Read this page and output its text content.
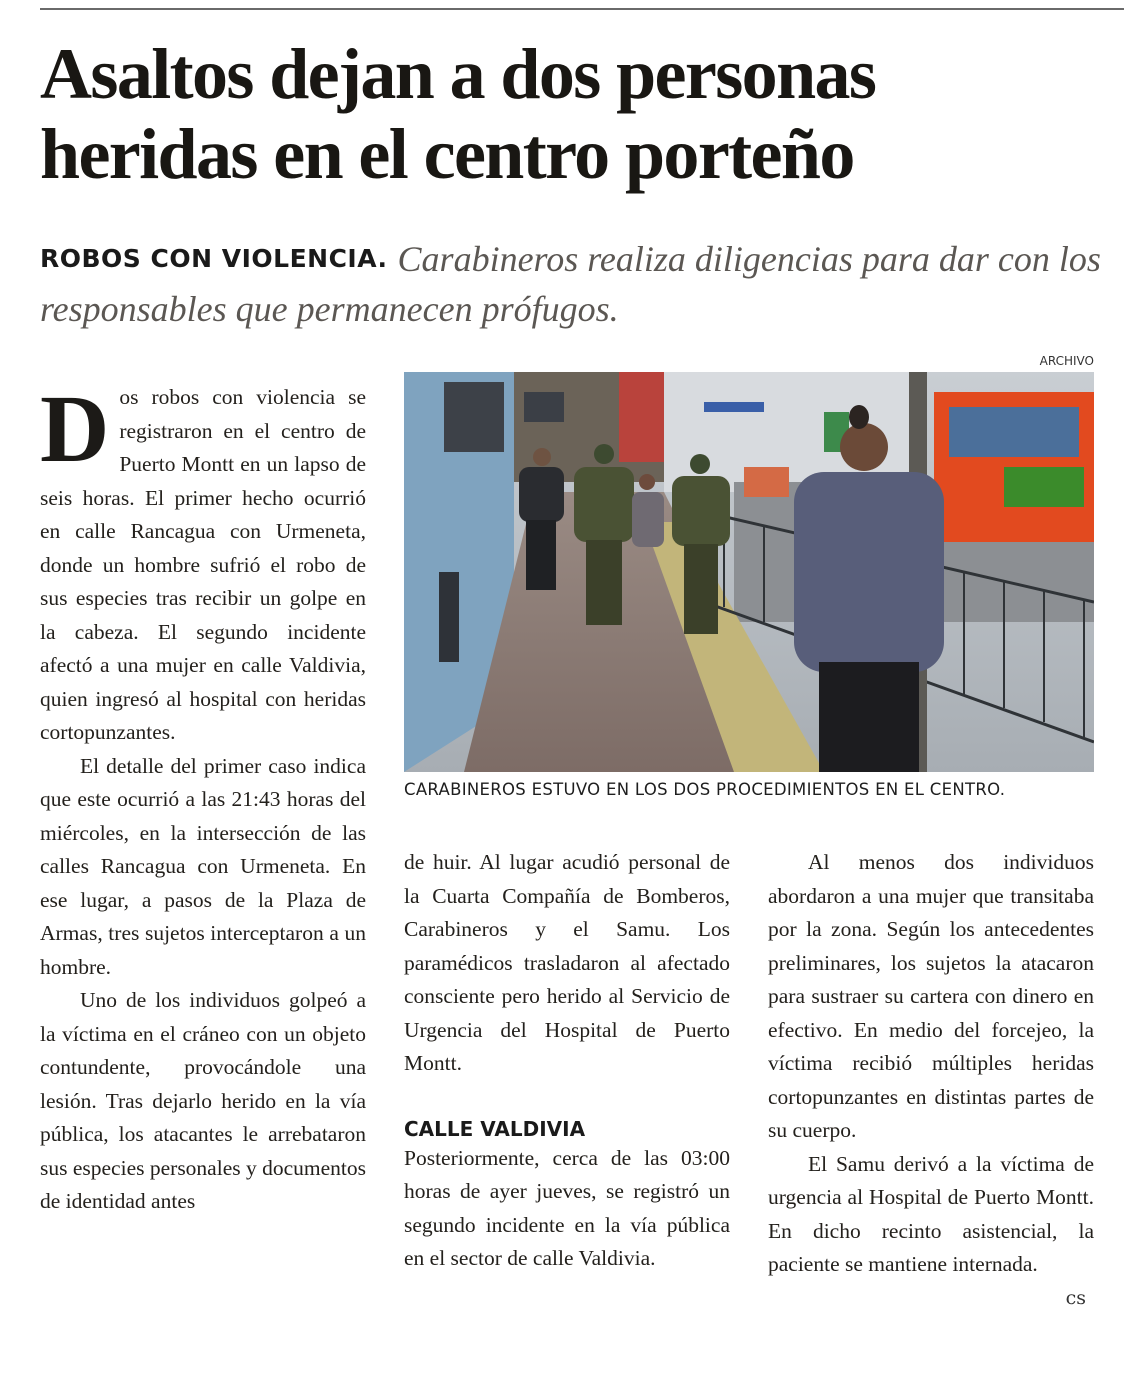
Asaltos dejan a dos personas heridas en el centro porteño

ROBOS CON VIOLENCIA. Carabineros realiza diligencias para dar con los responsables que permanecen prófugos.

ARCHIVO
CARABINEROS ESTUVO EN LOS DOS PROCEDIMIENTOS EN EL CENTRO.

Dos robos con violencia se registraron en el centro de Puerto Montt en un lapso de seis horas. El primer hecho ocurrió en calle Rancagua con Urmeneta, donde un hombre sufrió el robo de sus especies tras recibir un golpe en la cabeza. El segundo incidente afectó a una mujer en calle Valdivia, quien ingresó al hospital con heridas cortopunzantes.

El detalle del primer caso indica que este ocurrió a las 21:43 horas del miércoles, en la intersección de las calles Rancagua con Urmeneta. En ese lugar, a pasos de la Plaza de Armas, tres sujetos interceptaron a un hombre.

Uno de los individuos golpeó a la víctima en el cráneo con un objeto contundente, provocándole una lesión. Tras dejarlo herido en la vía pública, los atacantes le arrebataron sus especies personales y documentos de identidad antes

de huir. Al lugar acudió personal de la Cuarta Compañía de Bomberos, Carabineros y el Samu. Los paramédicos trasladaron al afectado consciente pero herido al Servicio de Urgencia del Hospital de Puerto Montt.

CALLE VALDIVIA

Posteriormente, cerca de las 03:00 horas de ayer jueves, se registró un segundo incidente en la vía pública en el sector de calle Valdivia.

Al menos dos individuos abordaron a una mujer que transitaba por la zona. Según los antecedentes preliminares, los sujetos la atacaron para sustraer su cartera con dinero en efectivo. En medio del forcejeo, la víctima recibió múltiples heridas cortopunzantes en distintas partes de su cuerpo.

El Samu derivó a la víctima de urgencia al Hospital de Puerto Montt. En dicho recinto asistencial, la paciente se mantiene internada.
cs
